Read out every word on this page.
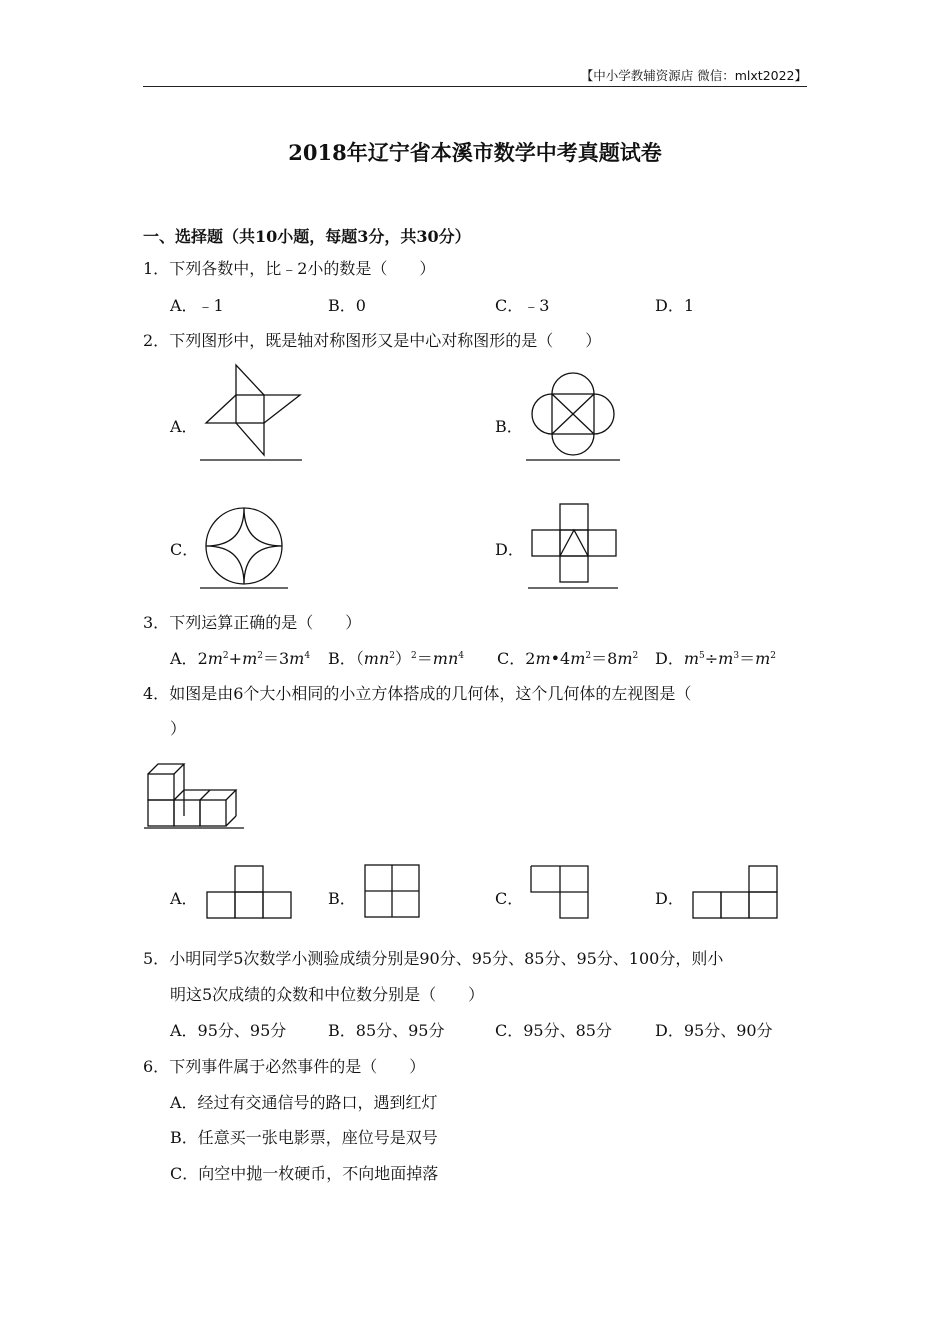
【中小学教辅资源店 微信：mlxt2022】
2018年辽宁省本溪市数学中考真题试卷
一、选择题（共10小题，每题3分，共30分）
1．下列各数中，比﹣2小的数是（　　）
A．﹣1	B．0	C．﹣3	D．1
2．下列图形中，既是轴对称图形又是中心对称图形的是（　　）
A．	B．
C．	D．
3．下列运算正确的是（　　）
A．$2m^2+m^2=3m^4$ B．$(mn^2)^2=mn^4$ C．$2m•4m^2=8m^2$ D．$m^5\div m^3=m^2$
4．如图是由6个大小相同的小立方体搭成的几何体，这个几何体的左视图是（
）
A．	B．	C．	D．
5．小明同学5次数学小测验成绩分别是90分、95分、85分、95分、100分，则小
明这5次成绩的众数和中位数分别是（　　）
A．95分、95分	B．85分、95分	C．95分、85分	D．95分、90分
6．下列事件属于必然事件的是（　　）
A．经过有交通信号的路口，遇到红灯
B．任意买一张电影票，座位号是双号
C．向空中抛一枚硬币，不向地面掉落
